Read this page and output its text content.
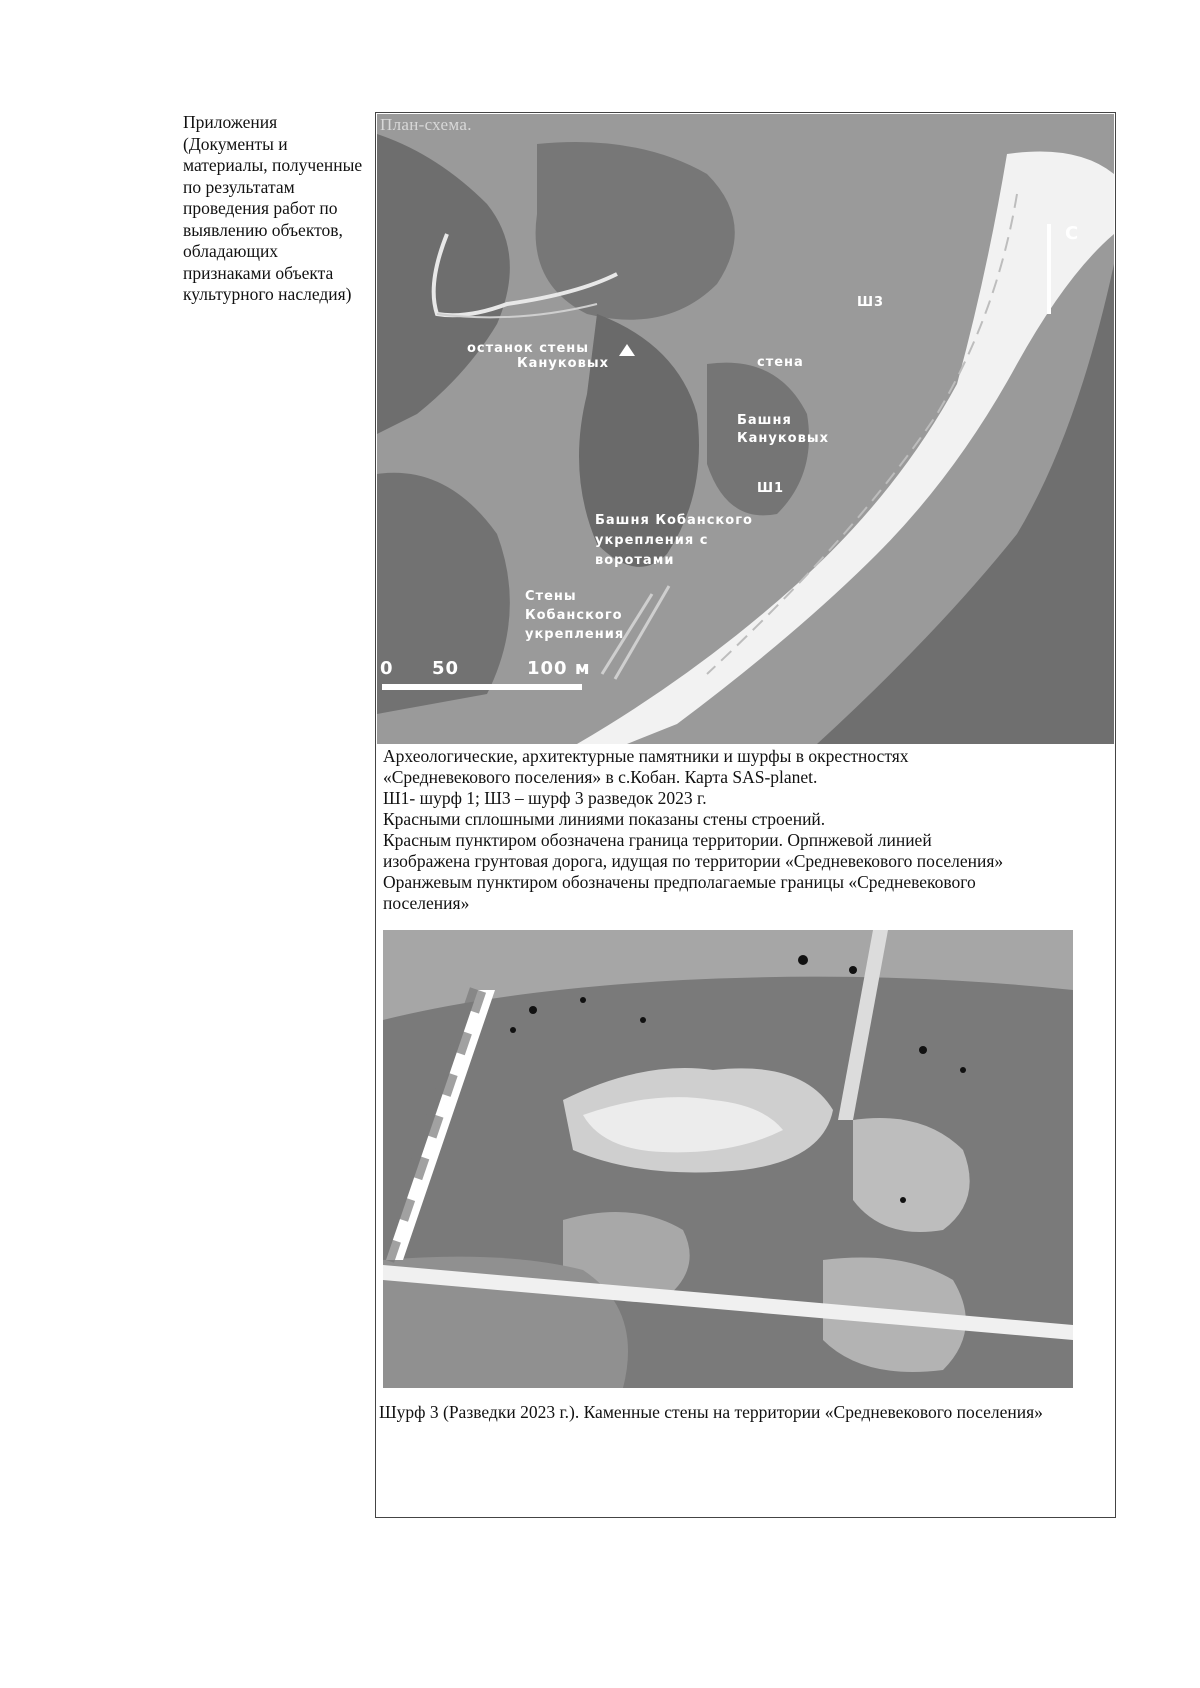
Приложения (Документы и материалы, полученные по результатам проведения работ по выявлению объектов, обладающих признаками объекта культурного наследия)
С
останок стены
Кануковых	стена
Ш3
Башня
Кануковых
Ш1
Башня Кобанского
укрепления с
воротами
Стены
Кобанского
укрепления
0 50	100 м
План-схема.

Археологические, архитектурные памятники и шурфы в окрестностях

«Средневекового поселения» в с.Кобан. Карта SAS-planet.

Ш1- шурф 1; Ш3 – шурф 3 разведок 2023 г.

Красными сплошными линиями показаны стены строений.

Красным пунктиром обозначена граница территории. Орпнжевой линией

изображена грунтовая дорога, идущая по территории «Средневекового поселения»

Оранжевым пунктиром обозначены предполагаемые границы «Средневекового

поселения»

Шурф 3 (Разведки 2023 г.). Каменные стены на территории «Средневекового поселения»
